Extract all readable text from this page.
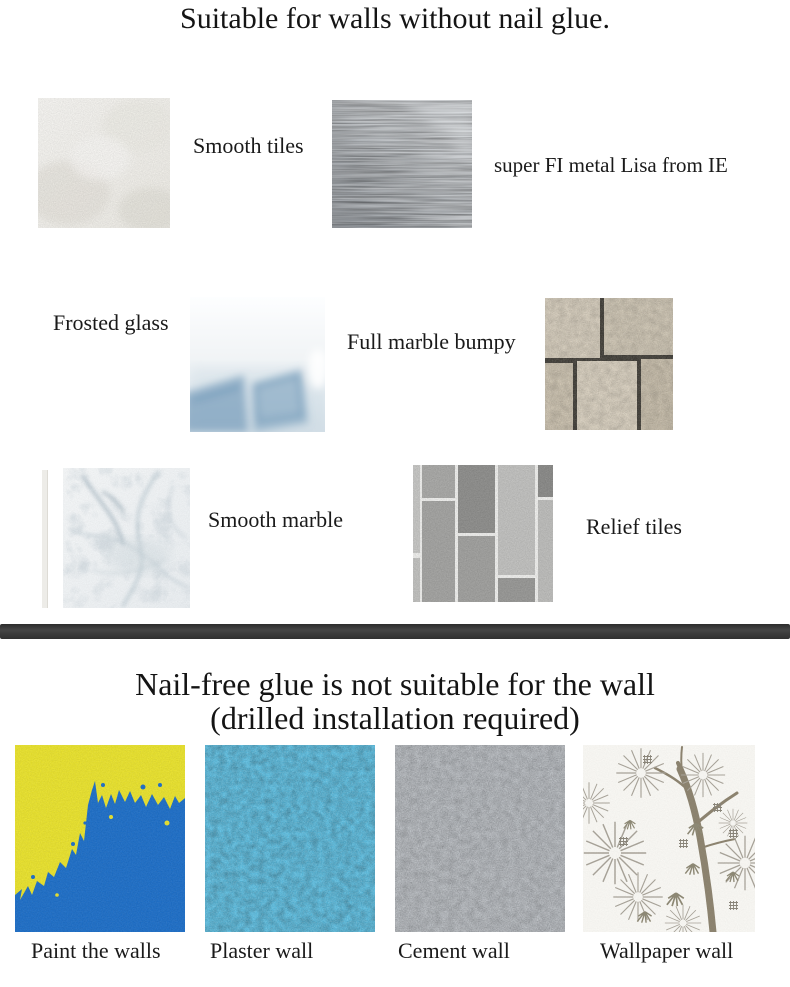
Suitable for walls without nail glue.
Smooth tiles
super FI metal Lisa from IE
Frosted glass
Full marble bumpy
Smooth marble	Relief tiles
Nail-free glue is not suitable for the wall
(drilled installation required)
Paint the walls Plaster wall	Cement wall	Wallpaper wall
